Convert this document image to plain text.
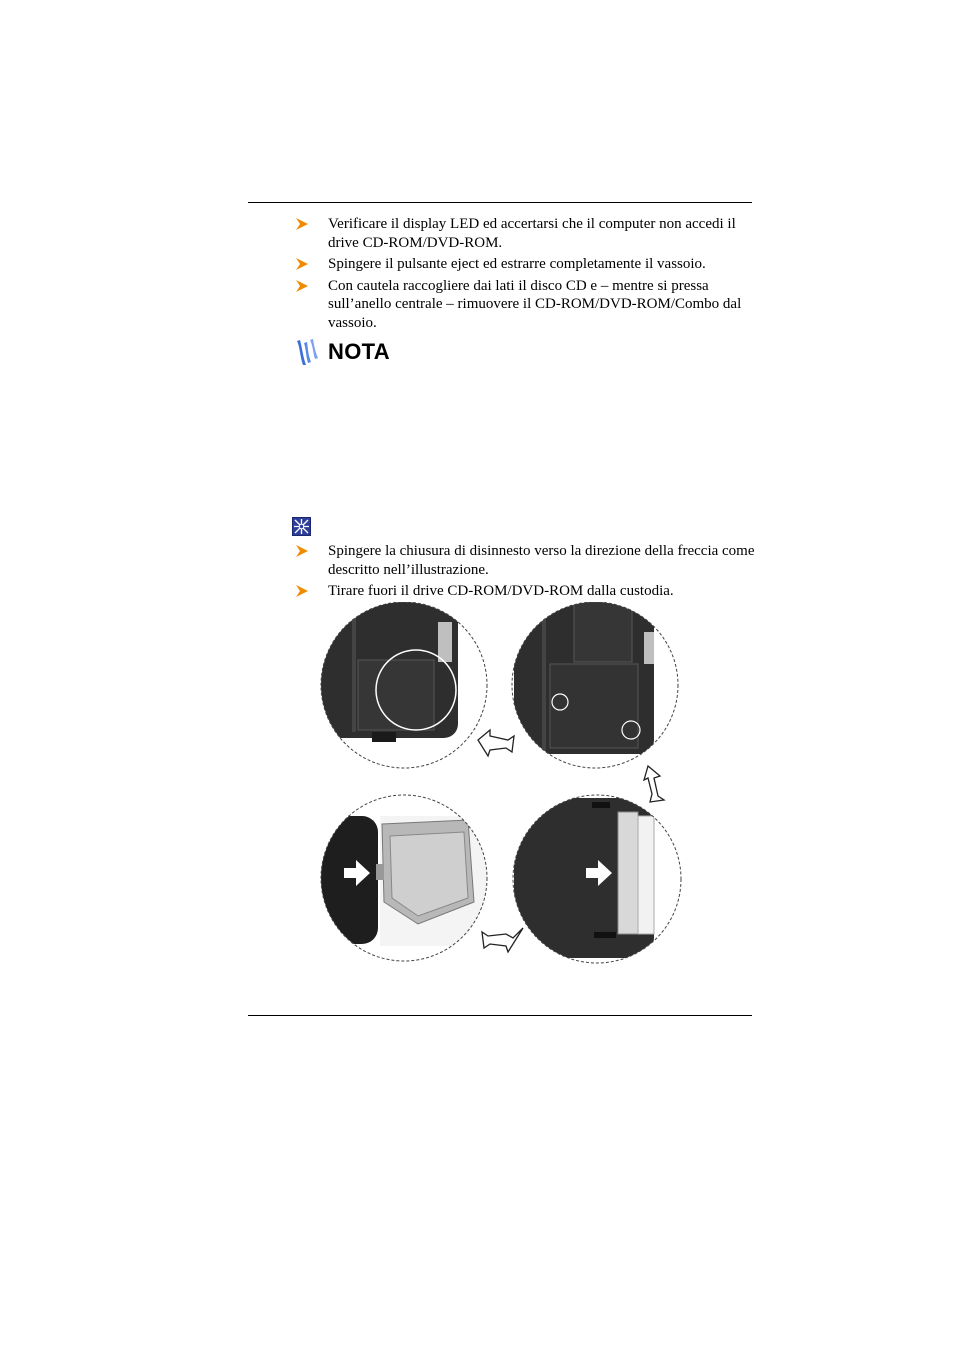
Verificare il display LED ed accertarsi che il computer non accedi il drive CD-ROM/DVD-ROM.
Spingere il pulsante eject ed estrarre completamente il vassoio.
Con cautela raccogliere dai lati il disco CD e – mentre si pressa sull’anello centrale – rimuovere il CD-ROM/DVD-ROM/Combo dal vassoio.
NOTA
Spingere la chiusura di disinnesto verso la direzione della freccia come descritto nell’illustrazione.
Tirare fuori il drive CD-ROM/DVD-ROM dalla custodia.
